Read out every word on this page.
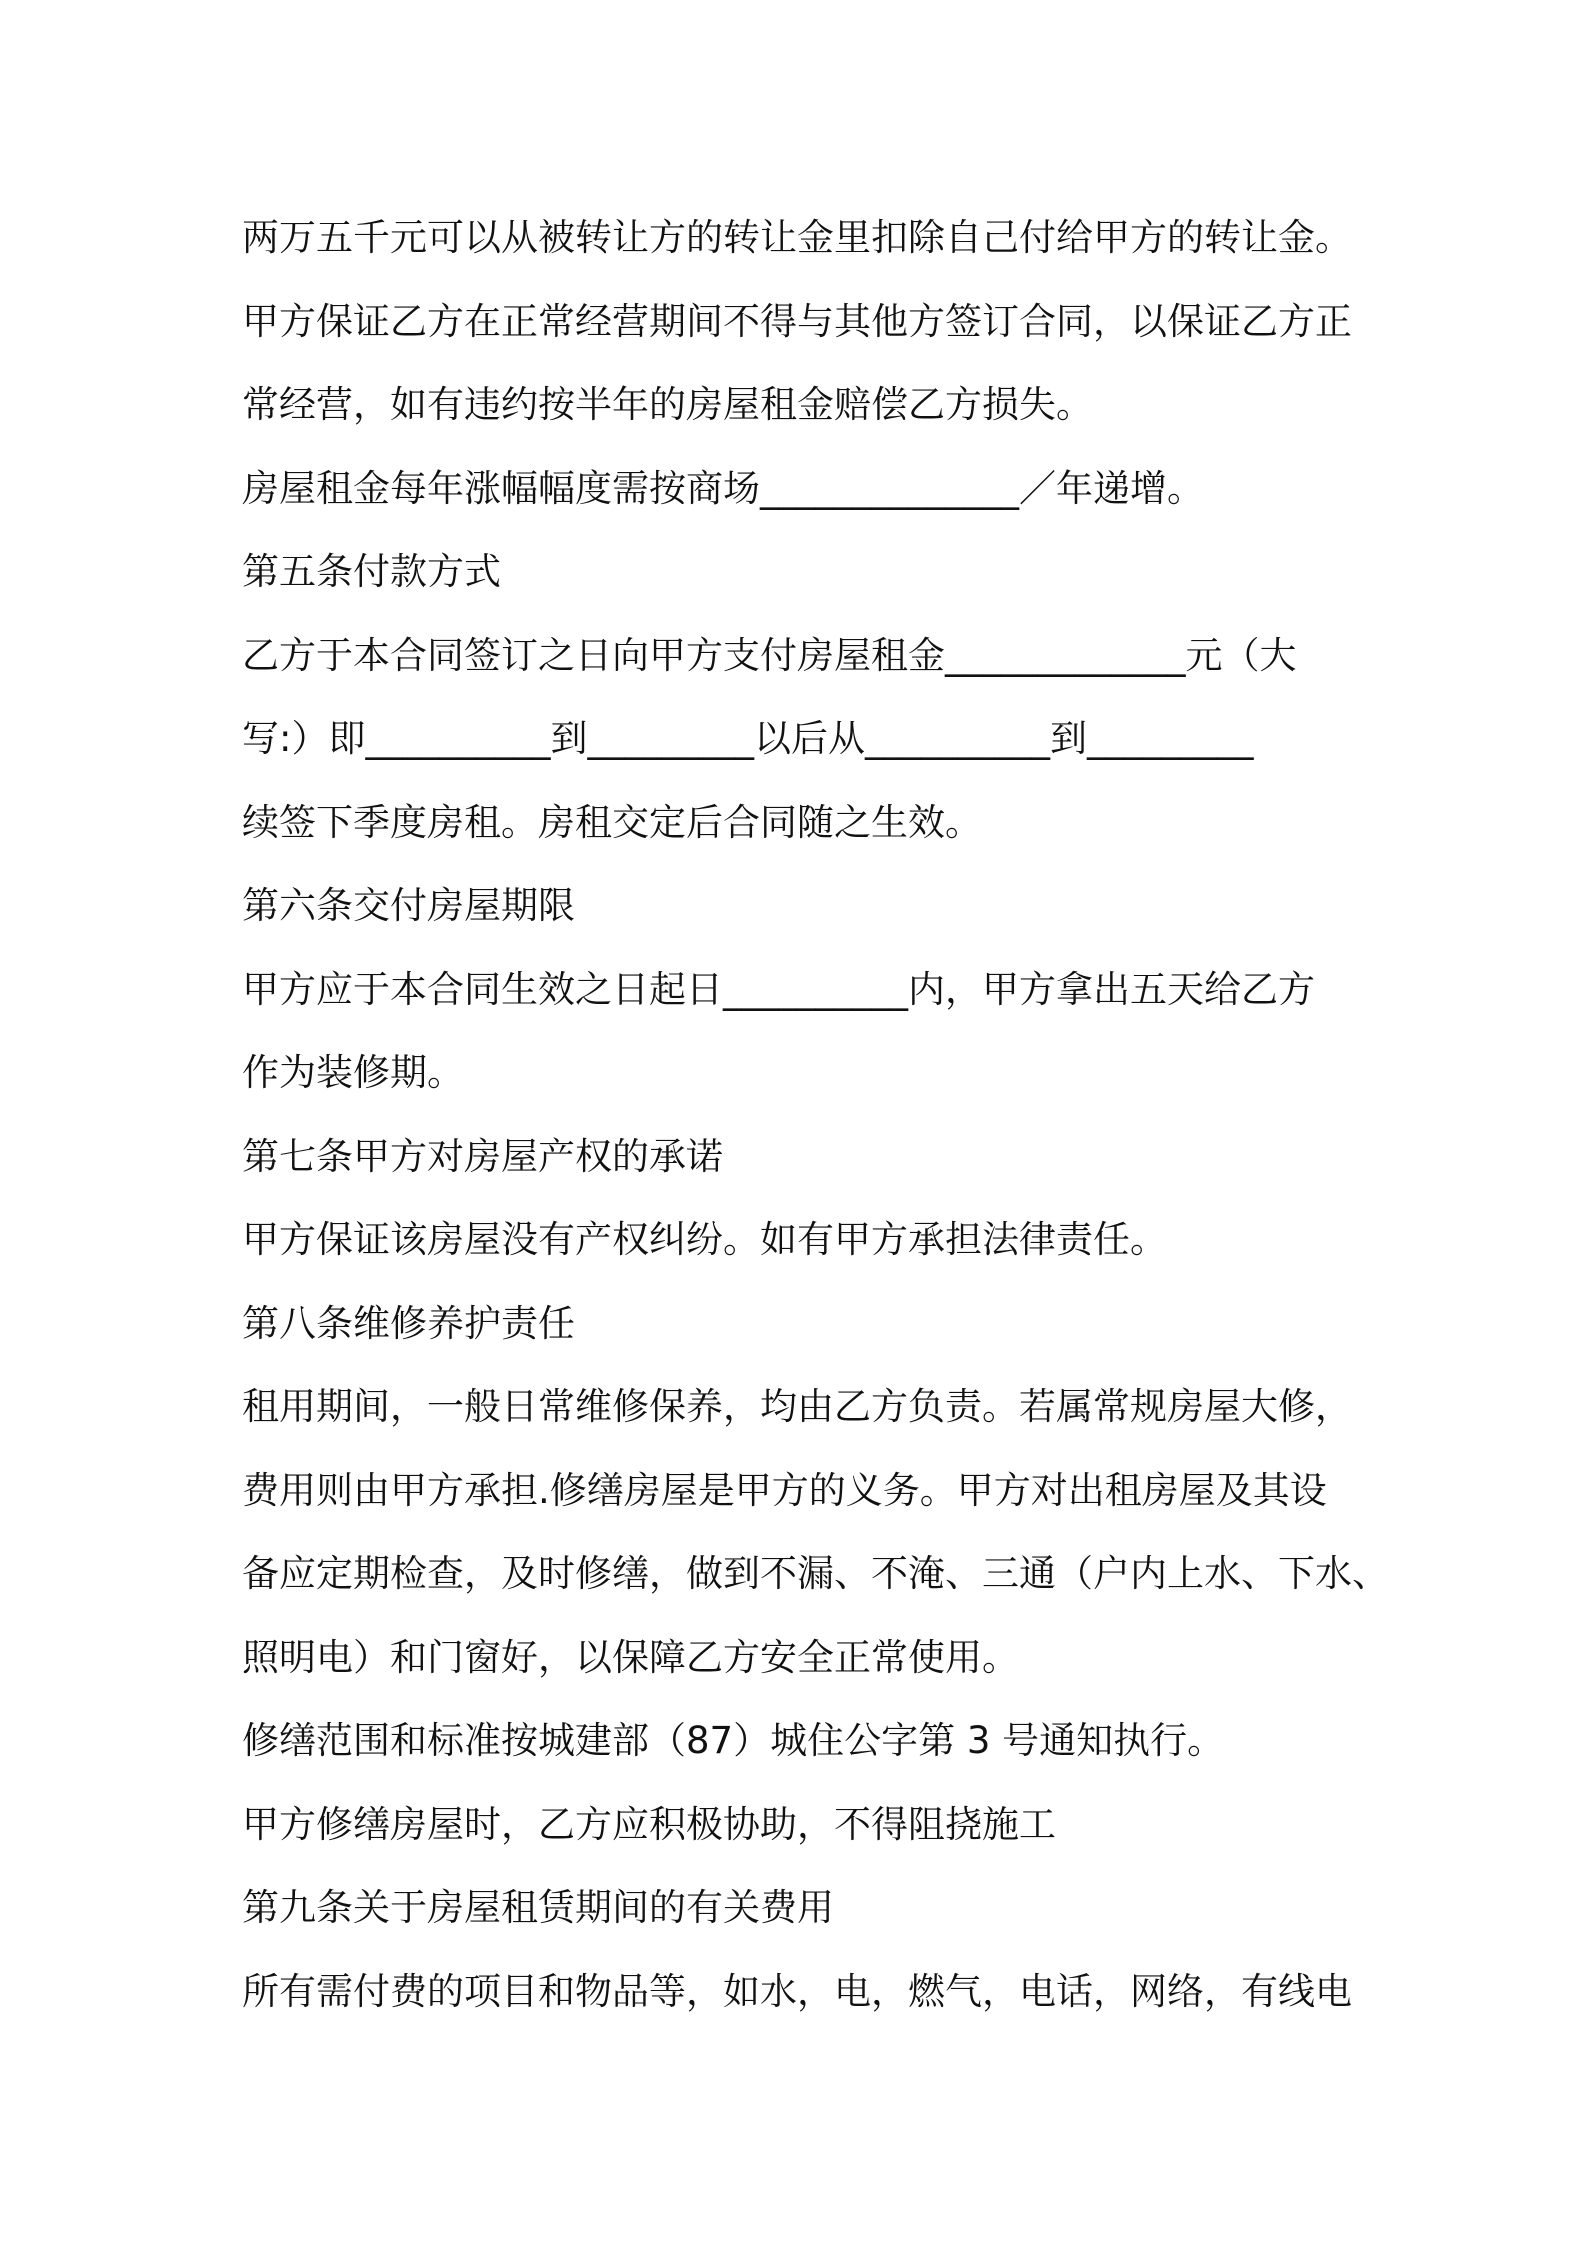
两万五千元可以从被转让方的转让金里扣除自己付给甲方的转让金。
甲方保证乙方在正常经营期间不得与其他方签订合同，以保证乙方正
常经营，如有违约按半年的房屋租金赔偿乙方损失。
房屋租金每年涨幅幅度需按商场______________／年递增。
第五条付款方式
乙方于本合同签订之日向甲方支付房屋租金_____________元（大
写:）即__________到_________以后从__________到_________
续签下季度房租。房租交定后合同随之生效。
第六条交付房屋期限
甲方应于本合同生效之日起日__________内，甲方拿出五天给乙方
作为装修期。
第七条甲方对房屋产权的承诺
甲方保证该房屋没有产权纠纷。如有甲方承担法律责任。
第八条维修养护责任
租用期间，一般日常维修保养，均由乙方负责。若属常规房屋大修，
费用则由甲方承担.修缮房屋是甲方的义务。甲方对出租房屋及其设
备应定期检查，及时修缮，做到不漏、不淹、三通（户内上水、下水、
照明电）和门窗好，以保障乙方安全正常使用。
修缮范围和标准按城建部（87）城住公字第 3 号通知执行。
甲方修缮房屋时，乙方应积极协助，不得阻挠施工
第九条关于房屋租赁期间的有关费用
所有需付费的项目和物品等，如水，电，燃气，电话，网络，有线电
